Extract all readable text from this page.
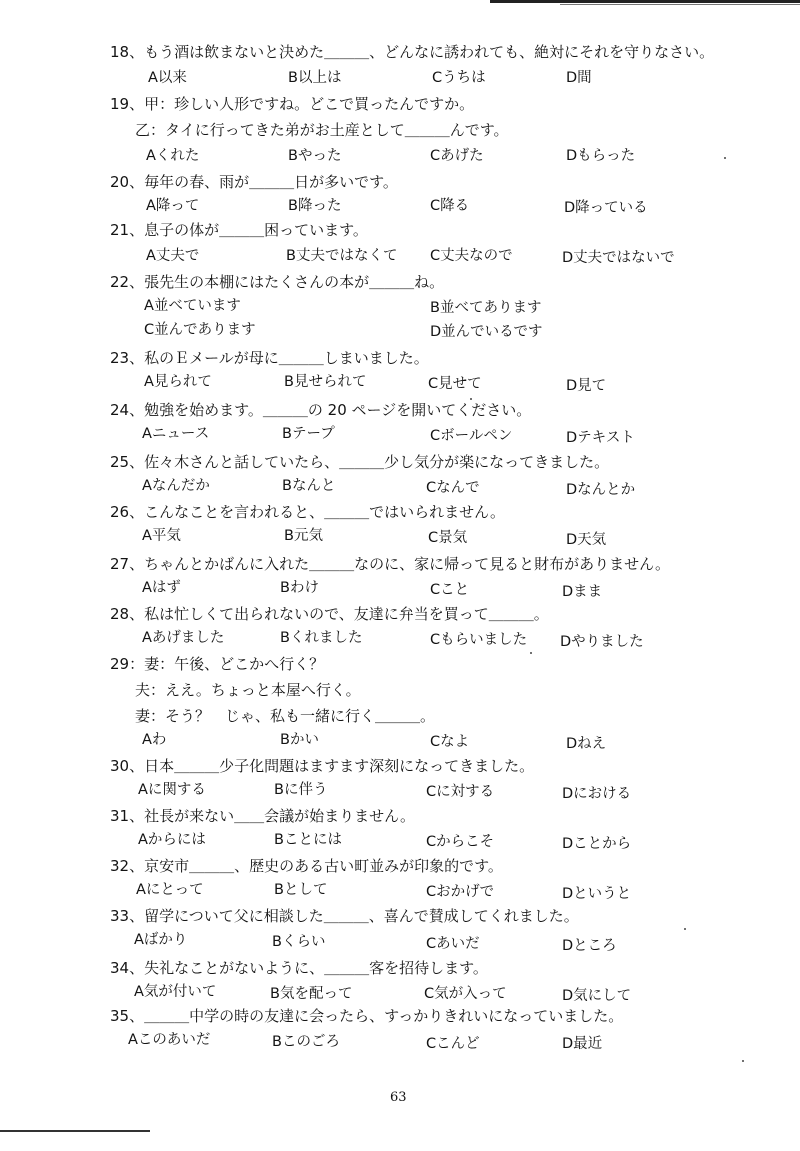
18、もう酒は飲まないと決めた＿＿＿、どんなに誘われても、絶対にそれを守りなさい。
A以来	B以上は	Cうちは	D間
19、甲：珍しい人形ですね。どこで買ったんですか。
乙：タイに行ってきた弟がお土産として＿＿＿んです。
Aくれた	Bやった	Cあげた	Dもらった
20、毎年の春、雨が＿＿＿日が多いです。
A降って	B降った	C降る	D降っている
21、息子の体が＿＿＿困っています。
A丈夫で	B丈夫ではなくて C丈夫なので	D丈夫ではないで
22、張先生の本棚にはたくさんの本が＿＿＿ね。
A並べています	B並べてあります
C並んであります	D並んでいるです
23、私のＥメールが母に＿＿＿しまいました。
A見られて	B見せられて	C見せて	D見て
24、勉強を始めます。＿＿＿の 20 ページを開いてください。
Aニュース	Bテープ	Cボールペン	Dテキスト
25、佐々木さんと話していたら、＿＿＿少し気分が楽になってきました。
Aなんだか	Bなんと	Cなんで	Dなんとか
26、こんなことを言われると、＿＿＿ではいられません。
A平気	B元気	C景気	D天気
27、ちゃんとかばんに入れた＿＿＿なのに、家に帰って見ると財布がありません。
Aはず	Bわけ	Cこと	Dまま
28、私は忙しくて出られないので、友達に弁当を買って＿＿＿。
Aあげました	Bくれました	Cもらいました Dやりました
29：妻：午後、どこかへ行く？
夫：ええ。ちょっと本屋へ行く。
妻：そう？　じゃ、私も一緒に行く＿＿＿。
Aわ	Bかい	Cなよ	Dねえ
30、日本＿＿＿少子化問題はますます深刻になってきました。
Aに関する	Bに伴う	Cに対する	Dにおける
31、社長が来ない＿＿会議が始まりません。
Aからには	Bことには	Cからこそ	Dことから
32、京安市＿＿＿、歴史のある古い町並みが印象的です。
Aにとって	Bとして	Cおかげで	Dというと
33、留学について父に相談した＿＿＿、喜んで賛成してくれました。
Aばかり	Bくらい	Cあいだ	Dところ
34、失礼なことがないように、＿＿＿客を招待します。
A気が付いて	B気を配って	C気が入って	D気にして
35、＿＿＿中学の時の友達に会ったら、すっかりきれいになっていました。
Aこのあいだ	Bこのごろ	Cこんど	D最近
63
